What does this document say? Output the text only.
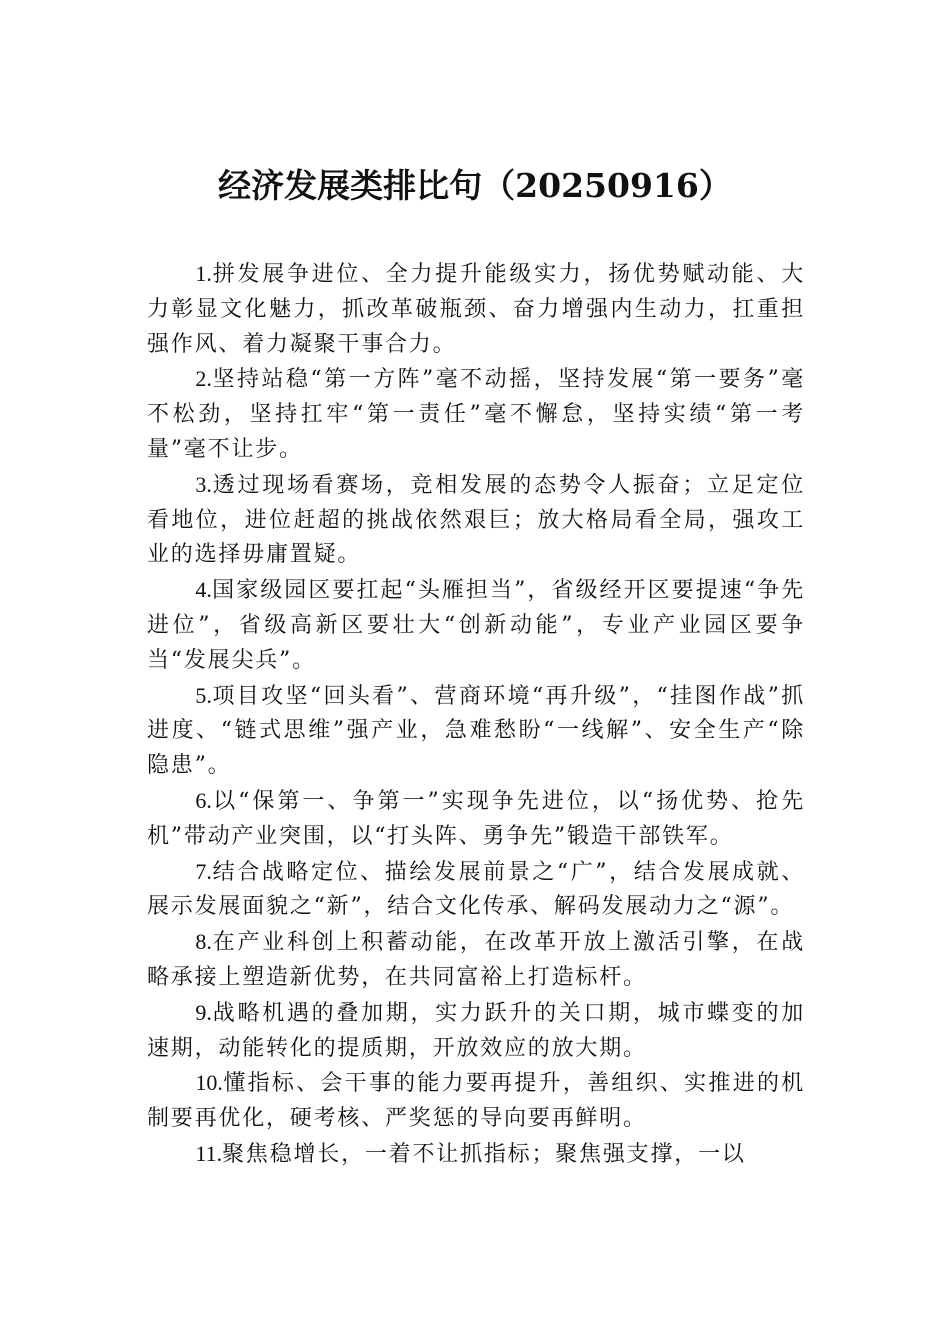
经济发展类排比句（20250916）

1.拼发展争进位、全力提升能级实力，扬优势赋动能、大力彰显文化魅力，抓改革破瓶颈、奋力增强内生动力，扛重担强作风、着力凝聚干事合力。

2.坚持站稳“第一方阵”毫不动摇，坚持发展“第一要务”毫不松劲，坚持扛牢“第一责任”毫不懈怠，坚持实绩“第一考量”毫不让步。

3.透过现场看赛场，竞相发展的态势令人振奋；立足定位看地位，进位赶超的挑战依然艰巨；放大格局看全局，强攻工业的选择毋庸置疑。

4.国家级园区要扛起“头雁担当”，省级经开区要提速“争先进位”，省级高新区要壮大“创新动能”，专业产业园区要争当“发展尖兵”。

5.项目攻坚“回头看”、营商环境“再升级”，“挂图作战”抓进度、“链式思维”强产业，急难愁盼“一线解”、安全生产“除隐患”。

6.以“保第一、争第一”实现争先进位，以“扬优势、抢先机”带动产业突围，以“打头阵、勇争先”锻造干部铁军。

7.结合战略定位、描绘发展前景之“广”，结合发展成就、展示发展面貌之“新”，结合文化传承、解码发展动力之“源”。

8.在产业科创上积蓄动能，在改革开放上激活引擎，在战略承接上塑造新优势，在共同富裕上打造标杆。

9.战略机遇的叠加期，实力跃升的关口期，城市蝶变的加速期，动能转化的提质期，开放效应的放大期。

10.懂指标、会干事的能力要再提升，善组织、实推进的机制要再优化，硬考核、严奖惩的导向要再鲜明。

11.聚焦稳增长，一着不让抓指标；聚焦强支撑，一以
